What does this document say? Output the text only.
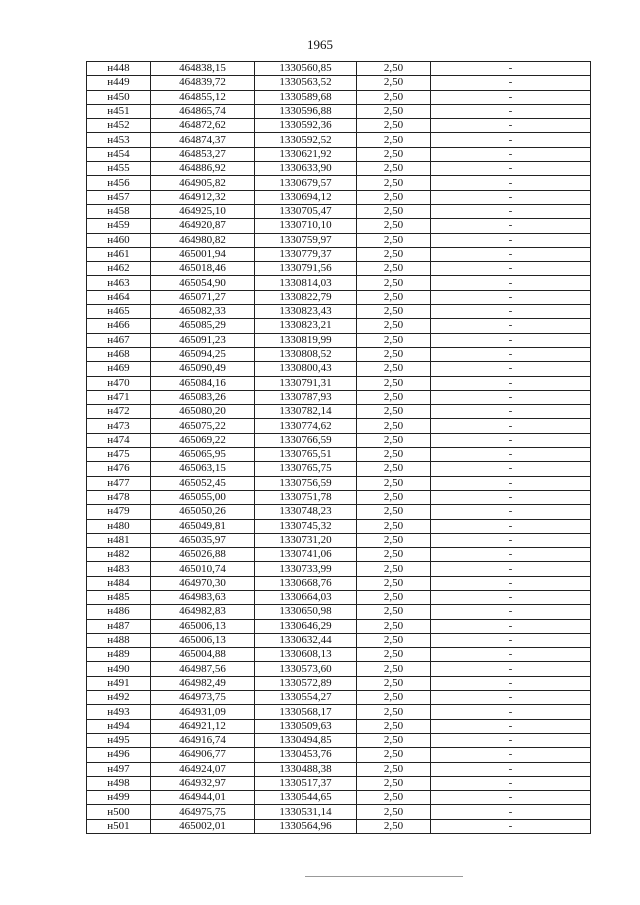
1965
н448	464838,15	1330560,85	2,50	-
н449	464839,72	1330563,52	2,50	-
н450	464855,12	1330589,68	2,50	-
н451	464865,74	1330596,88	2,50	-
н452	464872,62	1330592,36	2,50	-
н453	464874,37	1330592,52	2,50	-
н454	464853,27	1330621,92	2,50	-
н455	464886,92	1330633,90	2,50	-
н456	464905,82	1330679,57	2,50	-
н457	464912,32	1330694,12	2,50	-
н458	464925,10	1330705,47	2,50	-
н459	464920,87	1330710,10	2,50	-
н460	464980,82	1330759,97	2,50	-
н461	465001,94	1330779,37	2,50	-
н462	465018,46	1330791,56	2,50	-
н463	465054,90	1330814,03	2,50	-
н464	465071,27	1330822,79	2,50	-
н465	465082,33	1330823,43	2,50	-
н466	465085,29	1330823,21	2,50	-
н467	465091,23	1330819,99	2,50	-
н468	465094,25	1330808,52	2,50	-
н469	465090,49	1330800,43	2,50	-
н470	465084,16	1330791,31	2,50	-
н471	465083,26	1330787,93	2,50	-
н472	465080,20	1330782,14	2,50	-
н473	465075,22	1330774,62	2,50	-
н474	465069,22	1330766,59	2,50	-
н475	465065,95	1330765,51	2,50	-
н476	465063,15	1330765,75	2,50	-
н477	465052,45	1330756,59	2,50	-
н478	465055,00	1330751,78	2,50	-
н479	465050,26	1330748,23	2,50	-
н480	465049,81	1330745,32	2,50	-
н481	465035,97	1330731,20	2,50	-
н482	465026,88	1330741,06	2,50	-
н483	465010,74	1330733,99	2,50	-
н484	464970,30	1330668,76	2,50	-
н485	464983,63	1330664,03	2,50	-
н486	464982,83	1330650,98	2,50	-
н487	465006,13	1330646,29	2,50	-
н488	465006,13	1330632,44	2,50	-
н489	465004,88	1330608,13	2,50	-
н490	464987,56	1330573,60	2,50	-
н491	464982,49	1330572,89	2,50	-
н492	464973,75	1330554,27	2,50	-
н493	464931,09	1330568,17	2,50	-
н494	464921,12	1330509,63	2,50	-
н495	464916,74	1330494,85	2,50	-
н496	464906,77	1330453,76	2,50	-
н497	464924,07	1330488,38	2,50	-
н498	464932,97	1330517,37	2,50	-
н499	464944,01	1330544,65	2,50	-
н500	464975,75	1330531,14	2,50	-
н501	465002,01	1330564,96	2,50	-
